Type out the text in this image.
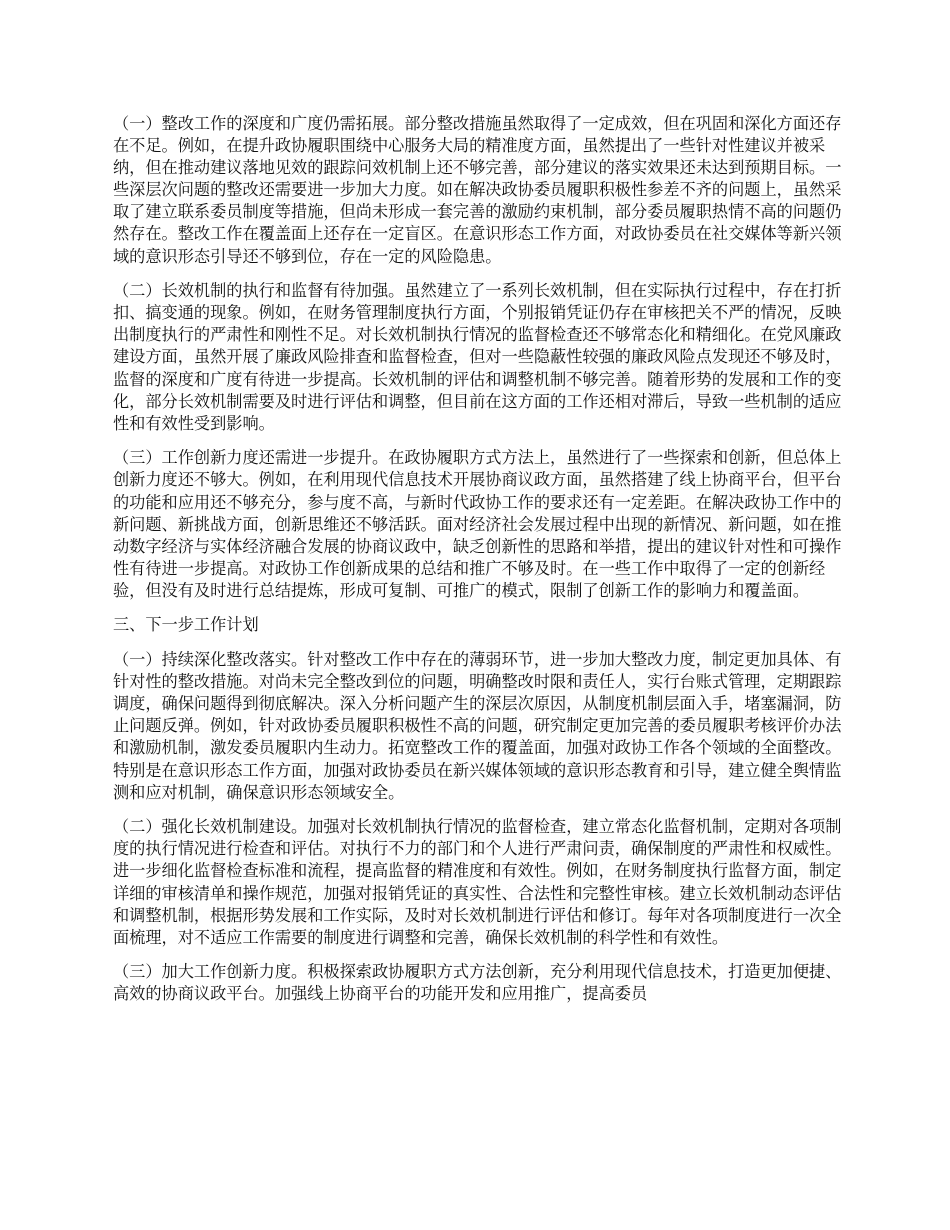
（一）整改工作的深度和广度仍需拓展。部分整改措施虽然取得了一定成效，但在巩固和深化方面还存在不足。例如，在提升政协履职围绕中心服务大局的精准度方面，虽然提出了一些针对性建议并被采纳，但在推动建议落地见效的跟踪问效机制上还不够完善，部分建议的落实效果还未达到预期目标。一些深层次问题的整改还需要进一步加大力度。如在解决政协委员履职积极性参差不齐的问题上，虽然采取了建立联系委员制度等措施，但尚未形成一套完善的激励约束机制，部分委员履职热情不高的问题仍然存在。整改工作在覆盖面上还存在一定盲区。在意识形态工作方面，对政协委员在社交媒体等新兴领域的意识形态引导还不够到位，存在一定的风险隐患。

（二）长效机制的执行和监督有待加强。虽然建立了一系列长效机制，但在实际执行过程中，存在打折扣、搞变通的现象。例如，在财务管理制度执行方面，个别报销凭证仍存在审核把关不严的情况，反映出制度执行的严肃性和刚性不足。对长效机制执行情况的监督检查还不够常态化和精细化。在党风廉政建设方面，虽然开展了廉政风险排查和监督检查，但对一些隐蔽性较强的廉政风险点发现还不够及时，监督的深度和广度有待进一步提高。长效机制的评估和调整机制不够完善。随着形势的发展和工作的变化，部分长效机制需要及时进行评估和调整，但目前在这方面的工作还相对滞后，导致一些机制的适应性和有效性受到影响。

（三）工作创新力度还需进一步提升。在政协履职方式方法上，虽然进行了一些探索和创新，但总体上创新力度还不够大。例如，在利用现代信息技术开展协商议政方面，虽然搭建了线上协商平台，但平台的功能和应用还不够充分，参与度不高，与新时代政协工作的要求还有一定差距。在解决政协工作中的新问题、新挑战方面，创新思维还不够活跃。面对经济社会发展过程中出现的新情况、新问题，如在推动数字经济与实体经济融合发展的协商议政中，缺乏创新性的思路和举措，提出的建议针对性和可操作性有待进一步提高。对政协工作创新成果的总结和推广不够及时。在一些工作中取得了一定的创新经验，但没有及时进行总结提炼，形成可复制、可推广的模式，限制了创新工作的影响力和覆盖面。

三、下一步工作计划

（一）持续深化整改落实。针对整改工作中存在的薄弱环节，进一步加大整改力度，制定更加具体、有针对性的整改措施。对尚未完全整改到位的问题，明确整改时限和责任人，实行台账式管理，定期跟踪调度，确保问题得到彻底解决。深入分析问题产生的深层次原因，从制度机制层面入手，堵塞漏洞，防止问题反弹。例如，针对政协委员履职积极性不高的问题，研究制定更加完善的委员履职考核评价办法和激励机制，激发委员履职内生动力。拓宽整改工作的覆盖面，加强对政协工作各个领域的全面整改。特别是在意识形态工作方面，加强对政协委员在新兴媒体领域的意识形态教育和引导，建立健全舆情监测和应对机制，确保意识形态领域安全。

（二）强化长效机制建设。加强对长效机制执行情况的监督检查，建立常态化监督机制，定期对各项制度的执行情况进行检查和评估。对执行不力的部门和个人进行严肃问责，确保制度的严肃性和权威性。进一步细化监督检查标准和流程，提高监督的精准度和有效性。例如，在财务制度执行监督方面，制定详细的审核清单和操作规范，加强对报销凭证的真实性、合法性和完整性审核。建立长效机制动态评估和调整机制，根据形势发展和工作实际，及时对长效机制进行评估和修订。每年对各项制度进行一次全面梳理，对不适应工作需要的制度进行调整和完善，确保长效机制的科学性和有效性。

（三）加大工作创新力度。积极探索政协履职方式方法创新，充分利用现代信息技术，打造更加便捷、高效的协商议政平台。加强线上协商平台的功能开发和应用推广，提高委员
